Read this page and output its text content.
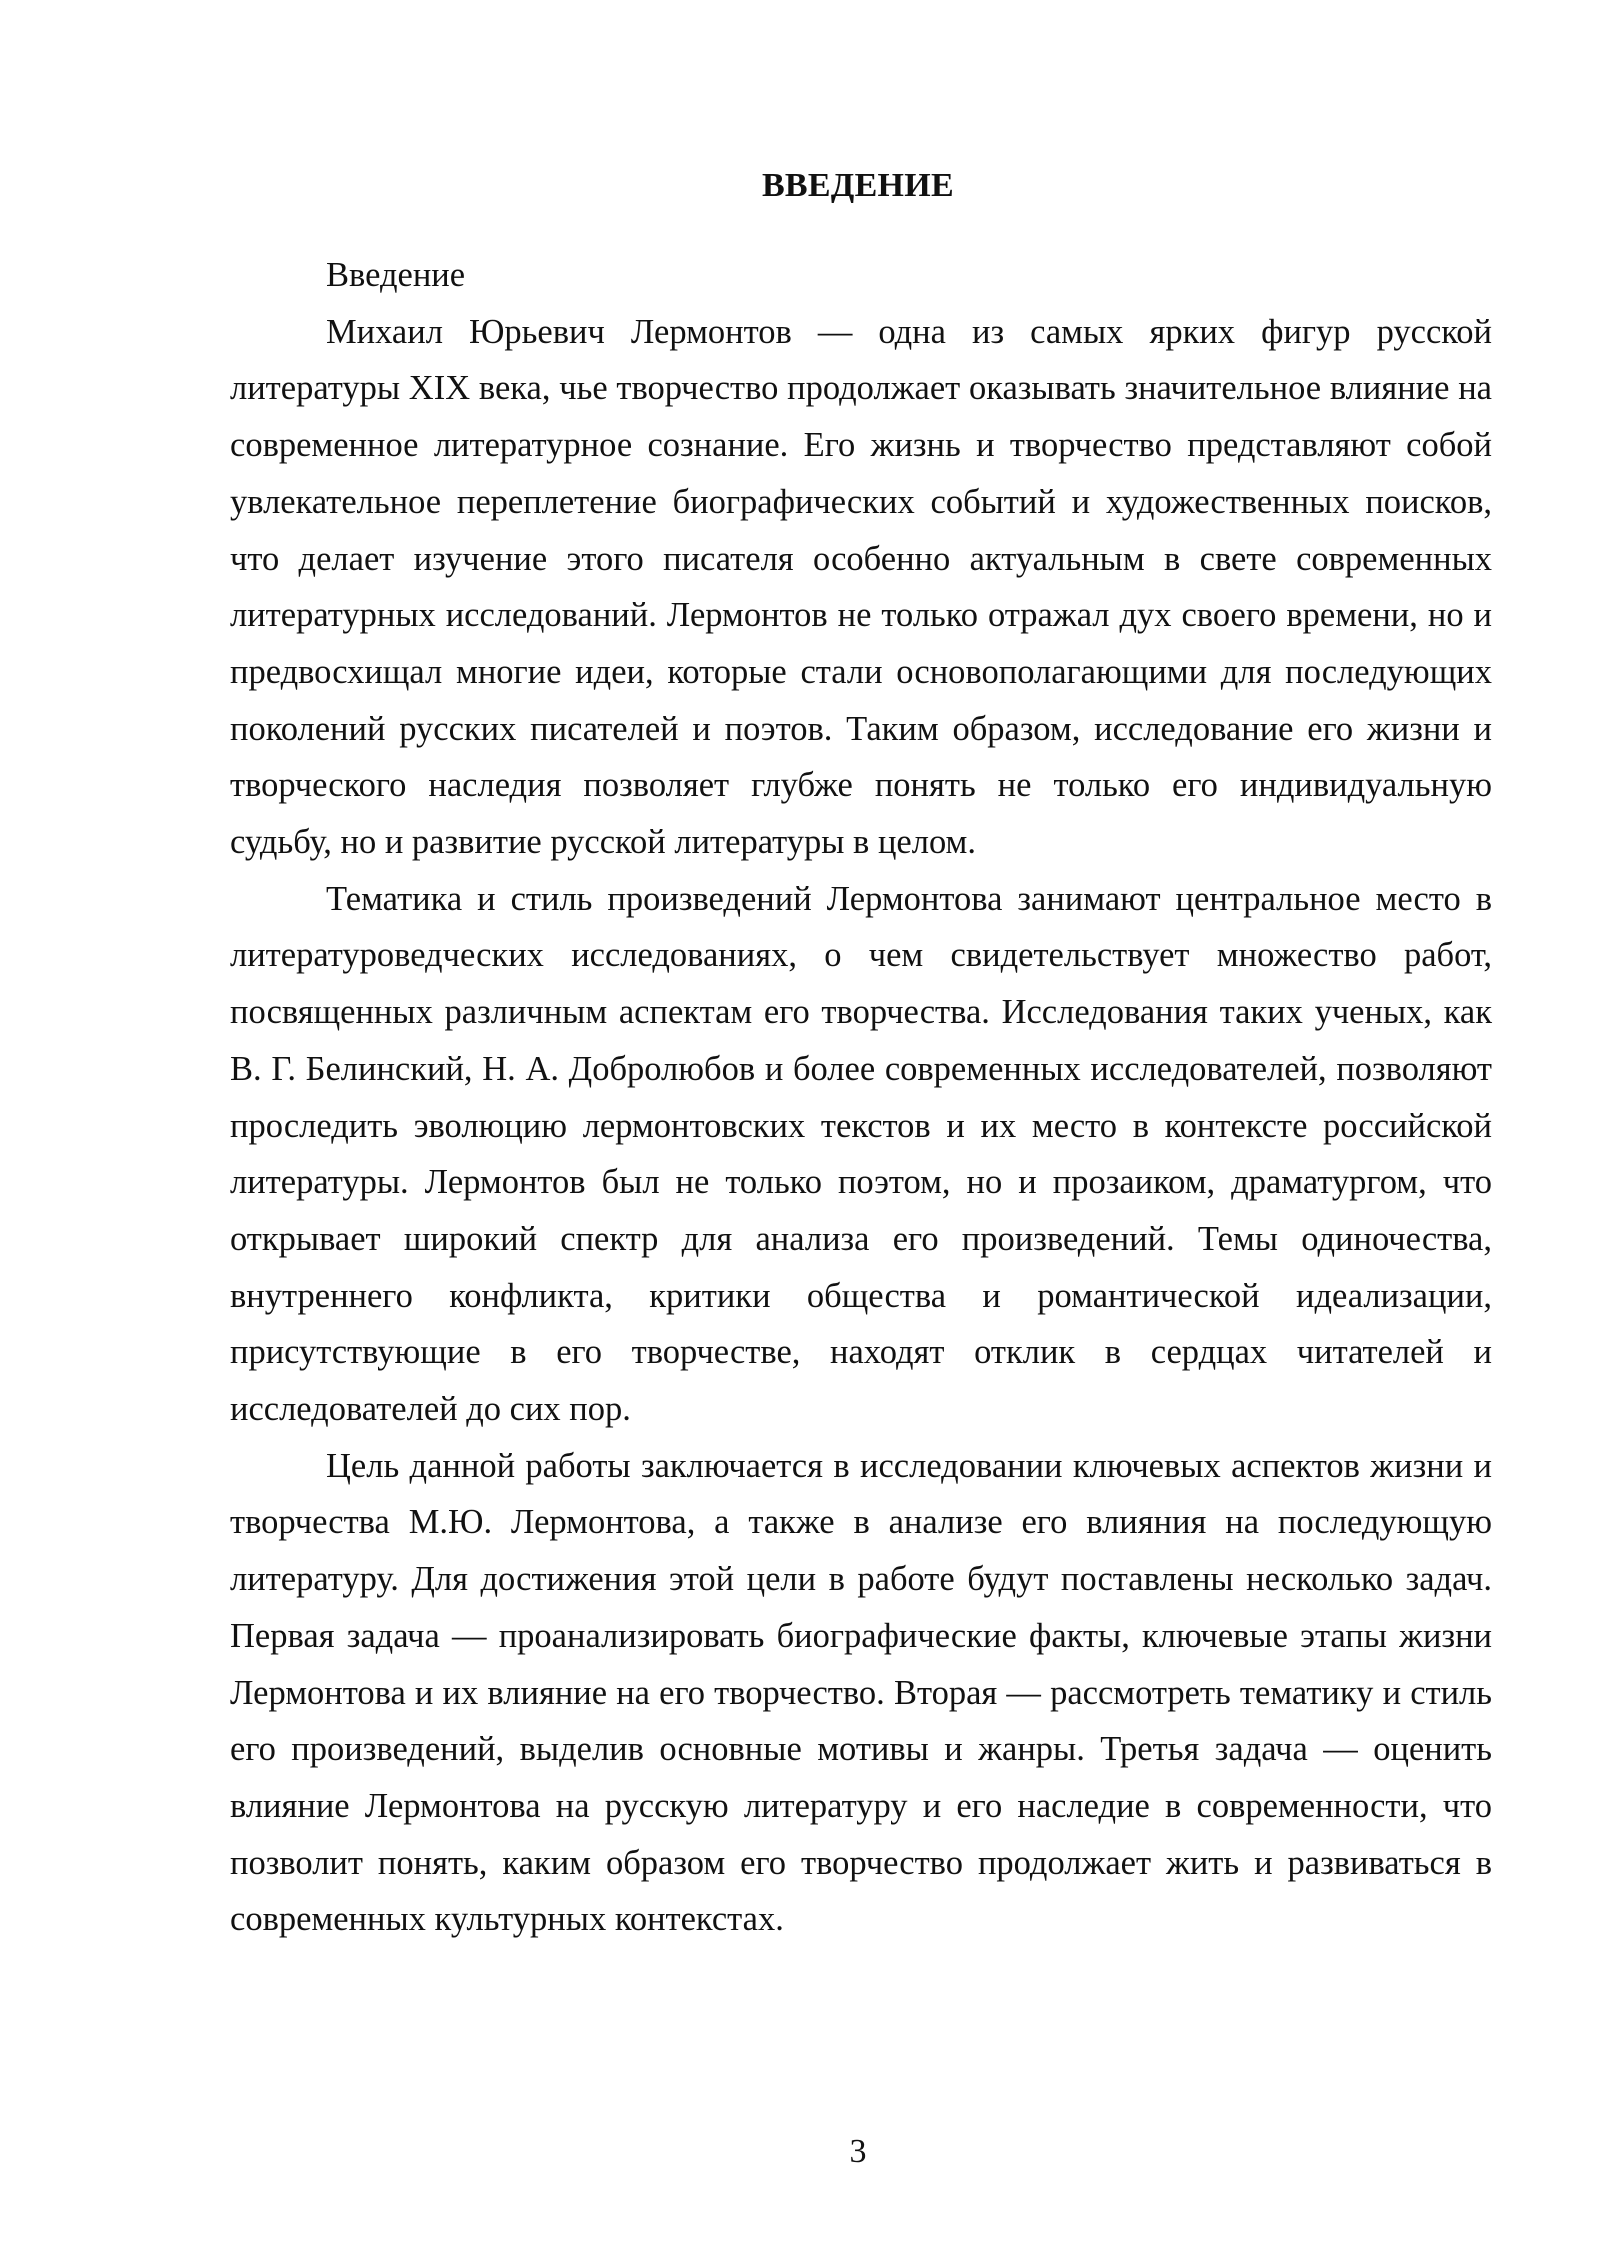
ВВЕДЕНИЕ

Введение

Михаил Юрьевич Лермонтов — одна из самых ярких фигур русской литературы XIX века, чье творчество продолжает оказывать значительное влияние на современное литературное сознание. Его жизнь и творчество представляют собой увлекательное переплетение биографических событий и художественных поисков, что делает изучение этого писателя особенно актуальным в свете современных литературных исследований. Лермонтов не только отражал дух своего времени, но и предвосхищал многие идеи, которые стали основополагающими для последующих поколений русских писателей и поэтов. Таким образом, исследование его жизни и творческого наследия позволяет глубже понять не только его индивидуальную судьбу, но и развитие русской литературы в целом.

Тематика и стиль произведений Лермонтова занимают центральное место в литературоведческих исследованиях, о чем свидетельствует множество работ, посвященных различным аспектам его творчества. Исследования таких ученых, как В. Г. Белинский, Н. А. Добролюбов и более современных исследователей, позволяют проследить эволюцию лермонтовских текстов и их место в контексте российской литературы. Лермонтов был не только поэтом, но и прозаиком, драматургом, что открывает широкий спектр для анализа его произведений. Темы одиночества, внутреннего конфликта, критики общества и романтической идеализации, присутствующие в его творчестве, находят отклик в сердцах читателей и исследователей до сих пор.

Цель данной работы заключается в исследовании ключевых аспектов жизни и творчества М.Ю. Лермонтова, а также в анализе его влияния на последующую литературу. Для достижения этой цели в работе будут поставлены несколько задач. Первая задача — проанализировать биографические факты, ключевые этапы жизни Лермонтова и их влияние на его творчество. Вторая — рассмотреть тематику и стиль его произведений, выделив основные мотивы и жанры. Третья задача — оценить влияние Лермонтова на русскую литературу и его наследие в современности, что позволит понять, каким образом его творчество продолжает жить и развиваться в современных культурных контекстах.

3
